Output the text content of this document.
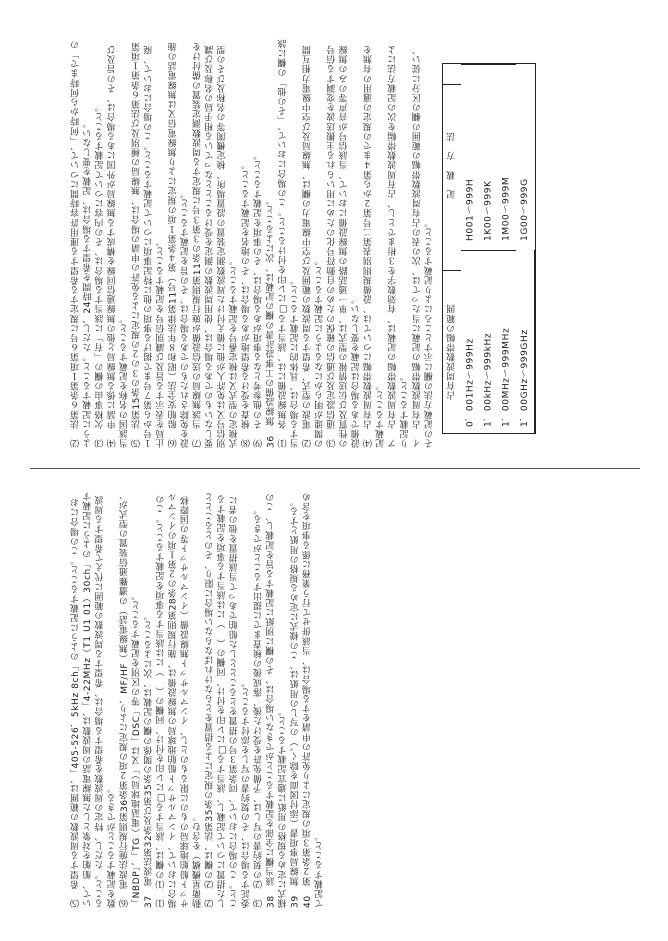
⑵　法第６条第１項第６号に規定する希望する運用許容時間について、「何時から何時まで」のように記載すること。ただし、24時間を希望する場合は、記載を要しない。 ⑶　欠格事由の欄の「有」に該当する場合は、その内容について記載すること。 ⑷　申請に係る無線局と他の無線通信回線を構成する無線局が外国にある場合は、その旨及び当該国の名称を記載すること。 ⑸　法第15条の３の２の規定による免許の申請の場合は、無線局の種別及び法第６条第１項第１号から第７号まで掲げる事項の他に特記事項について記載すること。この場合において、廃止局を表示する旨及び識別信号を記載すること。 ⑹　船舶安全法（昭和８年法律第11号）第４条第１項の規定により無線電信又は無線電話の施設を免除されたものである場合は、その旨を記載すること。 ⑺　当該無線局の送信設備が施行規則第11条の３第３号に規定する周波数測定装置の備付けを要しないものである場合は、使用周波数の測定を受けることとなっている相手局の名称及び識別信号又は免許人が他に備え付けた周波数測定装置の設置場所、検定機関等の名称及びその型式検定の型式又は検定番号を記載すること。 ⑻　検査を受ける希望地がある場合は、その地名を記載すること。 ⑼　その他参考となる事項がある場合は、その事項を記載すること。 36　無線設備の工事設計書の欄の記載は、次によること。 ⑴　各無線設備には、該当する□にレ印を付けること。この場合において、「その他」の欄に該当する場合は、具体的に記載すること。 ⑵　電波の型式、希望する周波数の範囲及び空中線電力の欄は、無線局及び空中線電力相互間の関連が明らかになるように記載すること。 ⑶　通信設定及び通信の確保のための自動符号化のために用いられる主搬送波を変調する信号の性質及び伝送情報の型式は、単一通話路の無線設備において、当該信号が音声等のみの無線設備である場合は記載を要しない。 ⑷　占有周波数帯幅については、設備規則別表第二号第２から第４までの規定の適用の有無を記載すること。 ア　占有周波数帯幅の記載は、有効数字を３桁までとし、占有周波数帯幅を次の記載方法により記載すること。 イ　占有周波数帯幅の記載に当たっては、次の表の占有周波数帯幅の範囲の欄の区分に従い、その記載方法の欄に示すところにより記載すること。	占有周波数帯幅の範囲 0．001Hz～999Hz 1．00kHz～999kHz 1．00MHz～999MHz 1．00GHz～999GHz

記　載　方　法
H001～999H 1K00～999K 1M00～999M 1G00～999G

⑸　希望する周波数の範囲は、「405-526．5kHz 8ch」のように記載すること。この場合において、船舶を対象とした無線電話の周波数は、「4-22MHz（T1 U1 01）30ch」のように記載すること。ただし、特定の周波数を希望する場合は、希望する周波数の範囲に代えて希望する周波数を記載することができる。 ⑹　電波法施行規則第36条第２項の規定により、MF/HF（無線電話）の遭難通信装置の型式が、「NBDP」、「TG（電話地球局）」又は「DSC」等の区別を記載すること。 37　電波法第32条及び第35条の関係の欄の記載は、次によること。 ⑴　⑴の欄は、該当する□にレ印を付け、同欄の（　）には該当する事項を記載すること。この場合において、インマルサット船舶地球局の無線設備は、施行規則第28条の２第１項のインマルサット船舶地球局のものに限るものとし、インマルサット無線設備（インマルサット等の国際移動衛星機構）を含む。 ⑵　⑵の欄は、法第35条の規定による措置をとらなければならない場合に限り、そのとることとした措置について記載し、該当する□にレ印を付け、同欄の（　）には該当する事項を記載すること。この場合において、同条第３号の措置をとることとした船舶であって当該措置を他の者に委託する場合は、その契約書の写しを添付すること。 ⑶　⑵の契約書の写しは、予備免許を受けた後、落成後の検査までに提出することができる。 38　該当欄に全部を記載することができない場合は、その欄に別紙に記載する旨を記載し、この様式に定める規格の用紙に適宜記載すること。 39　無線局事項書（添付図面を除く。）の写しの用紙は、この様式に定める規格の用紙とする。 40　第２条第３項の規定により免許の申請をする場合は、当該併せて行う業務に係る事項を含めて記載すること。
